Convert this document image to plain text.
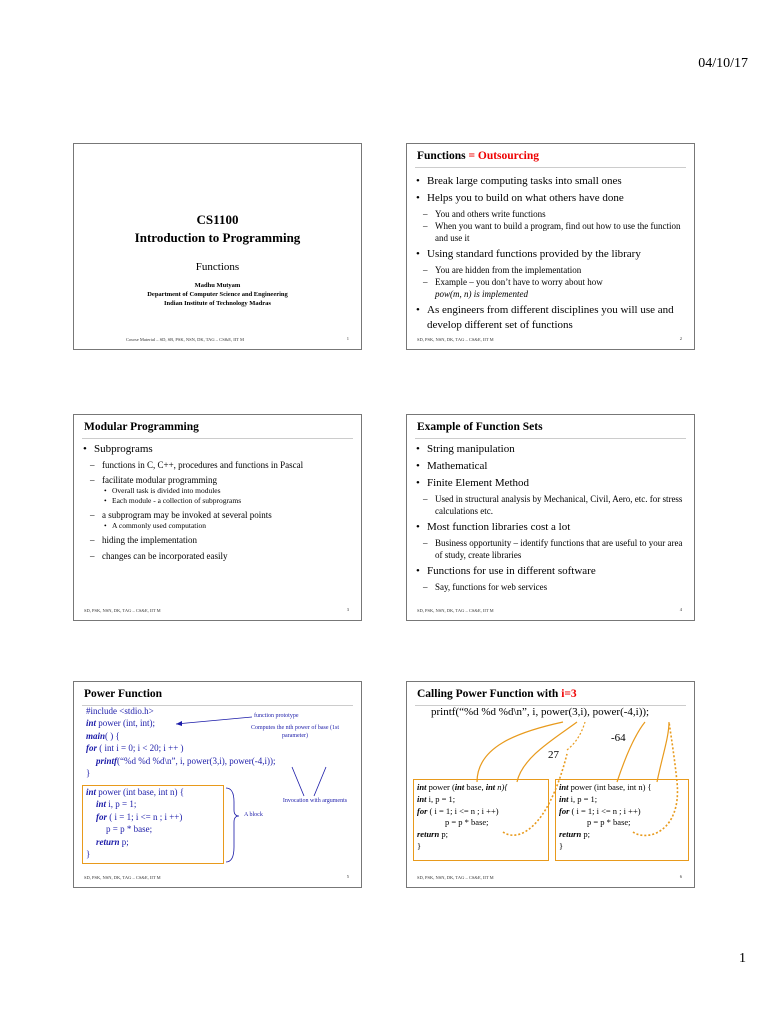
04/10/17
CS1100
Introduction to Programming
Functions
Madhu Mutyam
Department of Computer Science and Engineering
Indian Institute of Technology Madras
Course Material – SD, SB, PSK, NSN, DK, TAG – CS&E, IIT M	1
Functions = Outsourcing
• Break large computing tasks into small ones
• Helps you to build on what others have done
– You and others write functions
– When you want to build a program, find out how to use the function and use it
• Using standard functions provided by the library
– You are hidden from the implementation
– Example – you don’t have to worry about how
pow(m, n) is implemented
• As engineers from different disciplines you will use and develop different set of functions
SD, PSK, NSN, DK, TAG – CS&E, IIT M	2
Modular Programming
• Subprograms
– functions in C, C++, procedures and functions in Pascal
– facilitate modular programming
• Overall task is divided into modules
• Each module - a collection of subprograms
– a subprogram may be invoked at several points
• A commonly used computation
– hiding the implementation
– changes can be incorporated easily
SD, PSK, NSN, DK, TAG – CS&E, IIT M	3
Example of Function Sets
• String manipulation
• Mathematical
• Finite Element Method
– Used in structural analysis by Mechanical, Civil, Aero, etc. for stress calculations etc.
• Most function libraries cost a lot
– Business opportunity – identify functions that are useful to your area of study, create libraries
• Functions for use in different software
– Say, functions for web services
SD, PSK, NSN, DK, TAG – CS&E, IIT M	4
Power Function
#include <stdio.h>
int power (int, int);
main( ) {
for ( int i = 0; i < 20; i ++ )
printf(“%d %d %d\n”, i, power(3,i), power(-4,i));
}
int power (int base, int n) {
int i, p = 1;
for ( i = 1; i <= n ; i ++)
p = p * base;
return p;
}
function prototype
Computes the nth power of base (1st parameter)
A block
Invocation with arguments
SD, PSK, NSN, DK, TAG – CS&E, IIT M	5
Calling Power Function with i=3
printf(“%d %d %d\n”, i, power(3,i), power(-4,i));
27
-64
int power (int base, int n){
int i, p = 1;
for ( i = 1; i <= n ; i ++)
p = p * base;
return p;
}
int power (int base, int n) {
int i, p = 1;
for ( i = 1; i <= n ; i ++)
p = p * base;
return p;
}
SD, PSK, NSN, DK, TAG – CS&E, IIT M	6
1
